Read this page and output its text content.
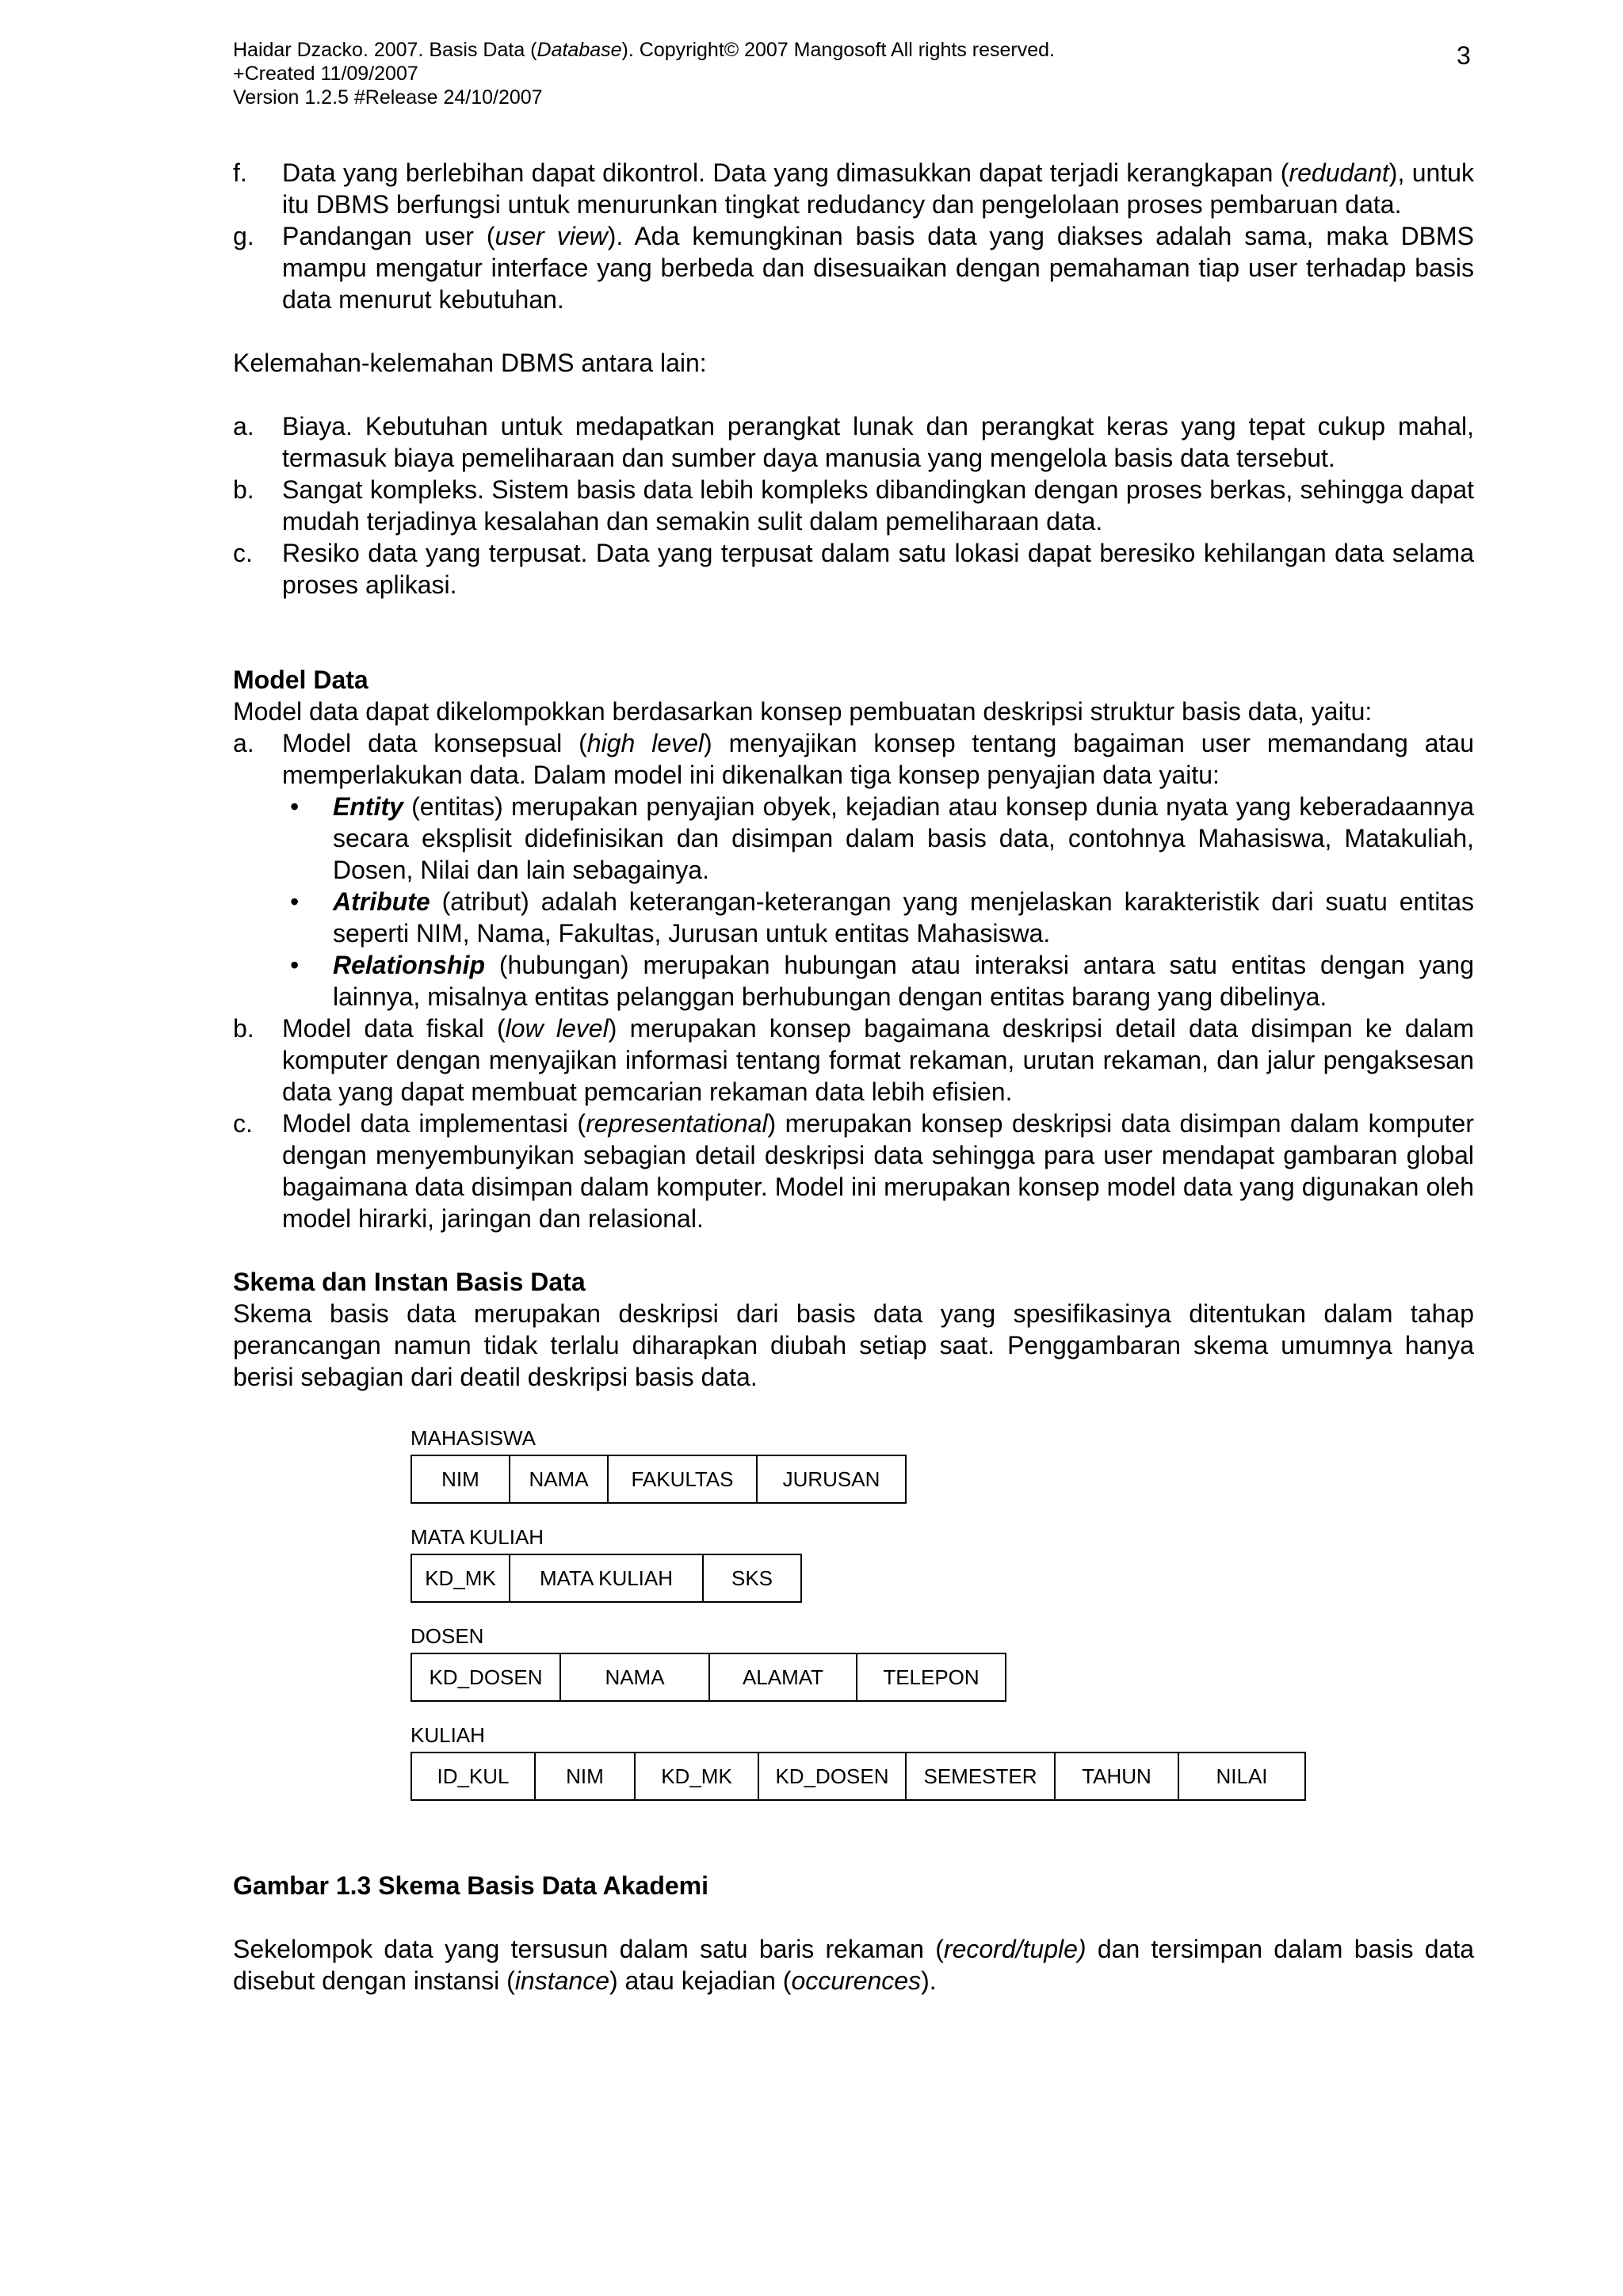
Haidar Dzacko. 2007. Basis Data (Database). Copyright© 2007 Mangosoft All rights reserved.
+Created 11/09/2007
Version 1.2.5 #Release 24/10/2007
3
f. Data yang berlebihan dapat dikontrol. Data yang dimasukkan dapat terjadi kerangkapan (redudant), untuk itu DBMS berfungsi untuk menurunkan tingkat redudancy dan pengelolaan proses pembaruan data.
g. Pandangan user (user view). Ada kemungkinan basis data yang diakses adalah sama, maka DBMS mampu mengatur interface yang berbeda dan disesuaikan dengan pemahaman tiap user terhadap basis data menurut kebutuhan.

Kelemahan-kelemahan DBMS antara lain:

a. Biaya. Kebutuhan untuk medapatkan perangkat lunak dan perangkat keras yang tepat cukup mahal, termasuk biaya pemeliharaan dan sumber daya manusia yang mengelola basis data tersebut.
b. Sangat kompleks. Sistem basis data lebih kompleks dibandingkan dengan proses berkas, sehingga dapat mudah terjadinya kesalahan dan semakin sulit dalam pemeliharaan data.
c. Resiko data yang terpusat. Data yang terpusat dalam satu lokasi dapat beresiko kehilangan data selama proses aplikasi.

Model Data

Model data dapat dikelompokkan berdasarkan konsep pembuatan deskripsi struktur basis data, yaitu:

a. Model data konsepsual (high level) menyajikan konsep tentang bagaiman user memandang atau memperlakukan data. Dalam model ini dikenalkan tiga konsep penyajian data yaitu:
• Entity (entitas) merupakan penyajian obyek, kejadian atau konsep dunia nyata yang keberadaannya secara eksplisit didefinisikan dan disimpan dalam basis data, contohnya Mahasiswa, Matakuliah, Dosen, Nilai dan lain sebagainya.
• Atribute (atribut) adalah keterangan-keterangan yang menjelaskan karakteristik dari suatu entitas seperti NIM, Nama, Fakultas, Jurusan untuk entitas Mahasiswa.
• Relationship (hubungan) merupakan hubungan atau interaksi antara satu entitas dengan yang lainnya, misalnya entitas pelanggan berhubungan dengan entitas barang yang dibelinya.
b. Model data fiskal (low level) merupakan konsep bagaimana deskripsi detail data disimpan ke dalam komputer dengan menyajikan informasi tentang format rekaman, urutan rekaman, dan jalur pengaksesan data yang dapat membuat pemcarian rekaman data lebih efisien.
c. Model data implementasi (representational) merupakan konsep deskripsi data disimpan dalam komputer dengan menyembunyikan sebagian detail deskripsi data sehingga para user mendapat gambaran global bagaimana data disimpan dalam komputer. Model ini merupakan konsep model data yang digunakan oleh model hirarki, jaringan dan relasional.

Skema dan Instan Basis Data

Skema basis data merupakan deskripsi dari basis data yang spesifikasinya ditentukan dalam tahap perancangan namun tidak terlalu diharapkan diubah setiap saat. Penggambaran skema umumnya hanya berisi sebagian dari deatil deskripsi basis data.

MAHASISWA
NIM	NAMA	FAKULTAS	JURUSAN
MATA KULIAH
KD_MK	MATA KULIAH	SKS
DOSEN
KD_DOSEN	NAMA	ALAMAT	TELEPON
KULIAH
ID_KUL	NIM	KD_MK	KD_DOSEN	SEMESTER	TAHUN	NILAI

Gambar 1.3 Skema Basis Data Akademi

Sekelompok data yang tersusun dalam satu baris rekaman (record/tuple) dan tersimpan dalam basis data disebut dengan instansi (instance) atau kejadian (occurences).
